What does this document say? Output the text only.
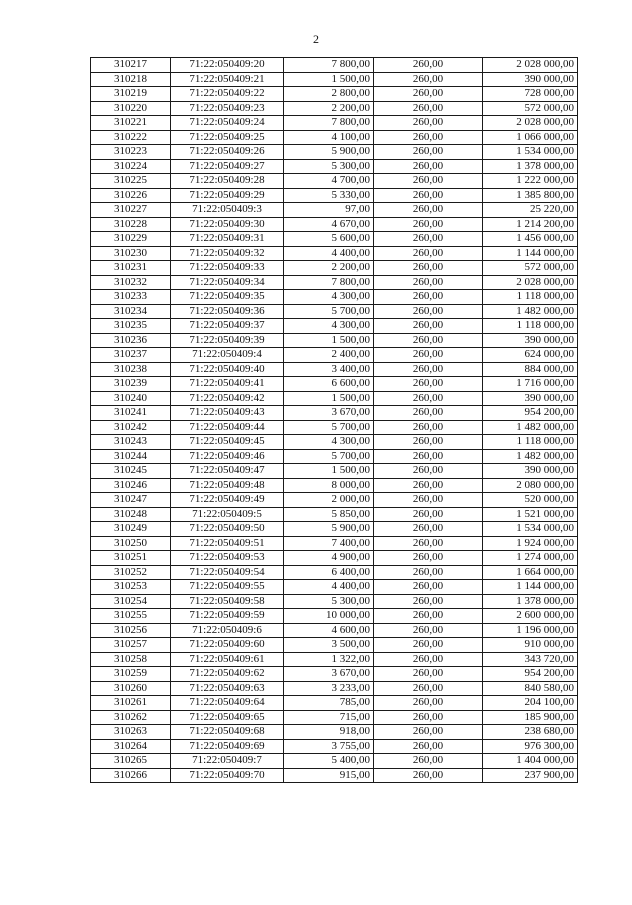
2
310217	71:22:050409:20	7 800,00	260,00	2 028 000,00
310218	71:22:050409:21	1 500,00	260,00	390 000,00
310219	71:22:050409:22	2 800,00	260,00	728 000,00
310220	71:22:050409:23	2 200,00	260,00	572 000,00
310221	71:22:050409:24	7 800,00	260,00	2 028 000,00
310222	71:22:050409:25	4 100,00	260,00	1 066 000,00
310223	71:22:050409:26	5 900,00	260,00	1 534 000,00
310224	71:22:050409:27	5 300,00	260,00	1 378 000,00
310225	71:22:050409:28	4 700,00	260,00	1 222 000,00
310226	71:22:050409:29	5 330,00	260,00	1 385 800,00
310227	71:22:050409:3	97,00	260,00	25 220,00
310228	71:22:050409:30	4 670,00	260,00	1 214 200,00
310229	71:22:050409:31	5 600,00	260,00	1 456 000,00
310230	71:22:050409:32	4 400,00	260,00	1 144 000,00
310231	71:22:050409:33	2 200,00	260,00	572 000,00
310232	71:22:050409:34	7 800,00	260,00	2 028 000,00
310233	71:22:050409:35	4 300,00	260,00	1 118 000,00
310234	71:22:050409:36	5 700,00	260,00	1 482 000,00
310235	71:22:050409:37	4 300,00	260,00	1 118 000,00
310236	71:22:050409:39	1 500,00	260,00	390 000,00
310237	71:22:050409:4	2 400,00	260,00	624 000,00
310238	71:22:050409:40	3 400,00	260,00	884 000,00
310239	71:22:050409:41	6 600,00	260,00	1 716 000,00
310240	71:22:050409:42	1 500,00	260,00	390 000,00
310241	71:22:050409:43	3 670,00	260,00	954 200,00
310242	71:22:050409:44	5 700,00	260,00	1 482 000,00
310243	71:22:050409:45	4 300,00	260,00	1 118 000,00
310244	71:22:050409:46	5 700,00	260,00	1 482 000,00
310245	71:22:050409:47	1 500,00	260,00	390 000,00
310246	71:22:050409:48	8 000,00	260,00	2 080 000,00
310247	71:22:050409:49	2 000,00	260,00	520 000,00
310248	71:22:050409:5	5 850,00	260,00	1 521 000,00
310249	71:22:050409:50	5 900,00	260,00	1 534 000,00
310250	71:22:050409:51	7 400,00	260,00	1 924 000,00
310251	71:22:050409:53	4 900,00	260,00	1 274 000,00
310252	71:22:050409:54	6 400,00	260,00	1 664 000,00
310253	71:22:050409:55	4 400,00	260,00	1 144 000,00
310254	71:22:050409:58	5 300,00	260,00	1 378 000,00
310255	71:22:050409:59	10 000,00	260,00	2 600 000,00
310256	71:22:050409:6	4 600,00	260,00	1 196 000,00
310257	71:22:050409:60	3 500,00	260,00	910 000,00
310258	71:22:050409:61	1 322,00	260,00	343 720,00
310259	71:22:050409:62	3 670,00	260,00	954 200,00
310260	71:22:050409:63	3 233,00	260,00	840 580,00
310261	71:22:050409:64	785,00	260,00	204 100,00
310262	71:22:050409:65	715,00	260,00	185 900,00
310263	71:22:050409:68	918,00	260,00	238 680,00
310264	71:22:050409:69	3 755,00	260,00	976 300,00
310265	71:22:050409:7	5 400,00	260,00	1 404 000,00
310266	71:22:050409:70	915,00	260,00	237 900,00
